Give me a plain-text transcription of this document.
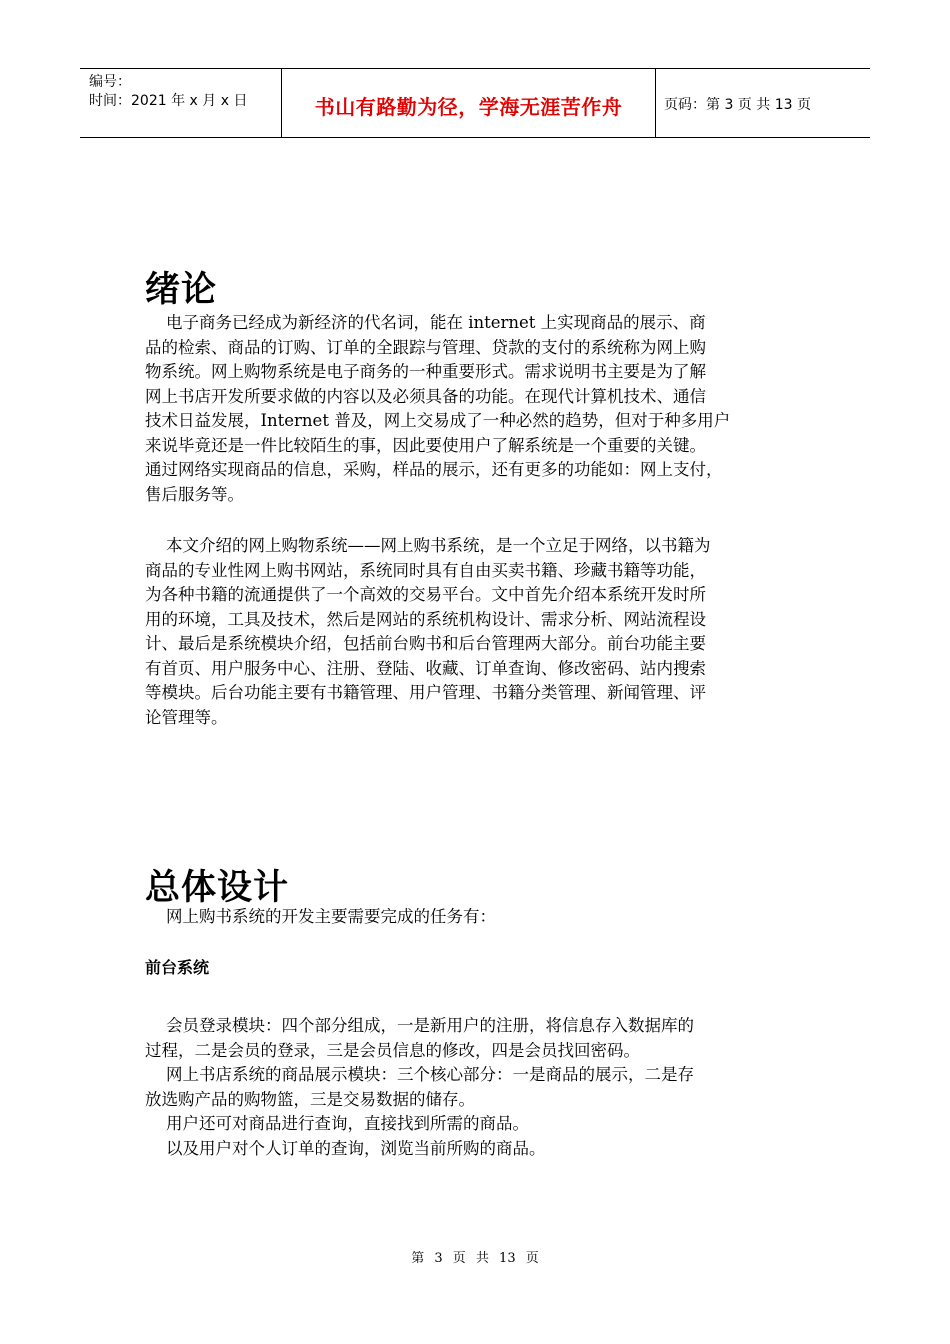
编号：
时间：2021 年 x 月 x 日	书山有路勤为径，学海无涯苦作舟	页码：第 3 页 共 13 页
绪论
电子商务已经成为新经济的代名词，能在 internet 上实现商品的展示、商
品的检索、商品的订购、订单的全跟踪与管理、贷款的支付的系统称为网上购
物系统。网上购物系统是电子商务的一种重要形式。需求说明书主要是为了解
网上书店开发所要求做的内容以及必须具备的功能。在现代计算机技术、通信
技术日益发展，Internet 普及，网上交易成了一种必然的趋势，但对于种多用户
来说毕竟还是一件比较陌生的事，因此要使用户了解系统是一个重要的关键。
通过网络实现商品的信息，采购，样品的展示，还有更多的功能如：网上支付，
售后服务等。
本文介绍的网上购物系统——网上购书系统，是一个立足于网络，以书籍为
商品的专业性网上购书网站，系统同时具有自由买卖书籍、珍藏书籍等功能，
为各种书籍的流通提供了一个高效的交易平台。文中首先介绍本系统开发时所
用的环境，工具及技术，然后是网站的系统机构设计、需求分析、网站流程设
计、最后是系统模块介绍，包括前台购书和后台管理两大部分。前台功能主要
有首页、用户服务中心、注册、登陆、收藏、订单查询、修改密码、站内搜索
等模块。后台功能主要有书籍管理、用户管理、书籍分类管理、新闻管理、评
论管理等。
总体设计
网上购书系统的开发主要需要完成的任务有：
前台系统
会员登录模块：四个部分组成，一是新用户的注册，将信息存入数据库的
过程，二是会员的登录，三是会员信息的修改，四是会员找回密码。
网上书店系统的商品展示模块：三个核心部分：一是商品的展示，二是存
放选购产品的购物篮，三是交易数据的储存。
用户还可对商品进行查询，直接找到所需的商品。
以及用户对个人订单的查询，浏览当前所购的商品。
第 3 页 共 13 页
